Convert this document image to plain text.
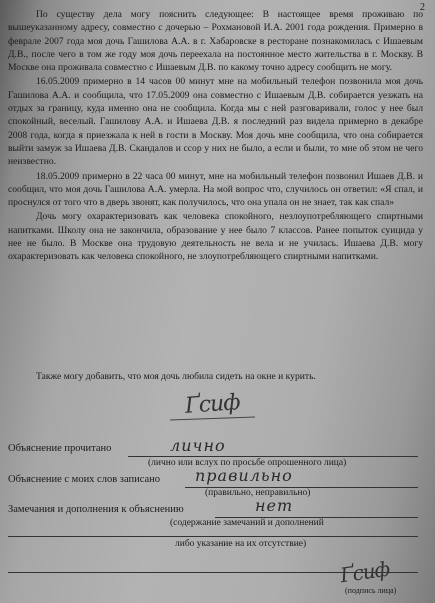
2

По существу дела могу пояснить следующее: В настоящее время проживаю по вышеуказанному адресу, совместно с дочерью – Рохмановой И.А. 2001 года рождения. Примерно в феврале 2007 года моя дочь Гашилова А.А. в г. Хабаровске в ресторане познакомилась с Ишаевым Д.В., после чего в том же году моя дочь переехала на постоянное место жительства в г. Москву. В Москве она проживала совместно с Ишаевым Д.В. по какому точно адресу сообщить не могу.

16.05.2009 примерно в 14 часов 00 минут мне на мобильный телефон позвонила моя дочь Гашилова А.А. и сообщила, что 17.05.2009 она совместно с Ишаевым Д.В. собирается уезжать на отдых за границу, куда именно она не сообщила. Когда мы с ней разговаривали, голос у нее был спокойный, веселый. Гашилову А.А. и Ишаева Д.В. я последний раз видела примерно в декабре 2008 года, когда я приезжала к ней в гости в Москву. Моя дочь мне сообщила, что она собирается выйти замуж за Ишаева Д.В. Скандалов и ссор у них не было, а если и были, то мне об этом не чего неизвестно.

18.05.2009 примерно в 22 часа 00 минут, мне на мобильный телефон позвонил Ишаев Д.В. и сообщил, что моя дочь Гашилова А.А. умерла. На мой вопрос что, случилось он ответил: «Я спал, и проснулся от того что в дверь звонят, как получилось, что она упала он не знает, так как спал»

Дочь могу охарактеризовать как человека спокойного, незлоупотребляющего спиртными напитками. Школу она не закончила, образование у нее было 7 классов. Ранее попыток суицида у нее не было. В Москве она трудовую деятельность не вела и не училась. Ишаева Д.В. могу охарактеризовать как человека спокойного, не злоупотребляющего спиртными напитками.

Также могу добавить, что моя дочь любила сидеть на окне и курить.
Ґсиф
Объяснение прочитано	лично
(лично или вслух по просьбе опрошенного лица)
Объяснение с моих слов записано правильно
(правильно, неправильно)
Замечания и дополнения к объяснению	нет
(содержание замечаний и дополнений
либо указание на их отсутствие)
Ґсиф
(подпись лица)
